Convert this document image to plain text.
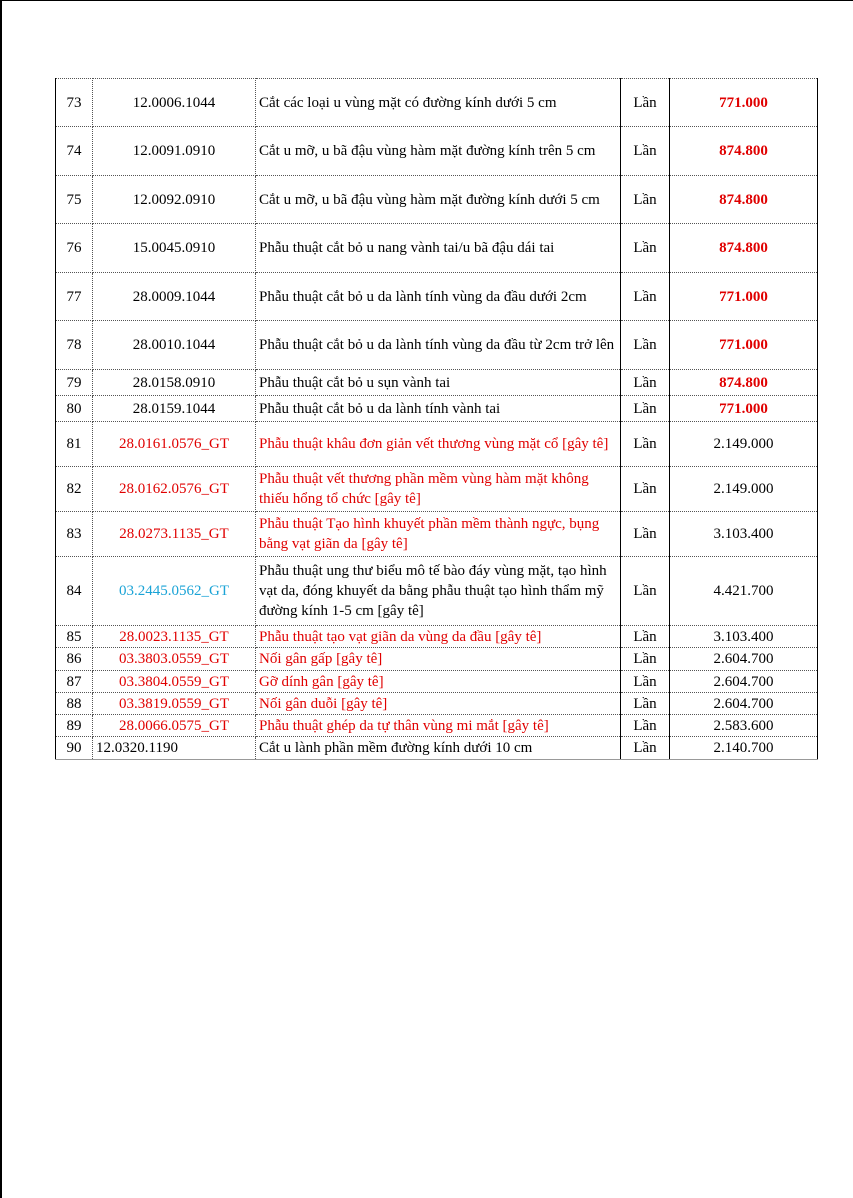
73	12.0006.1044	Cắt các loại u vùng mặt có đường kính dưới 5 cm	Lần	771.000
74	12.0091.0910	Cắt u mỡ, u bã đậu vùng hàm mặt đường kính trên 5 cm	Lần	874.800
75	12.0092.0910	Cắt u mỡ, u bã đậu vùng hàm mặt đường kính dưới 5 cm	Lần	874.800
76	15.0045.0910	Phẫu thuật cắt bỏ u nang vành tai/u bã đậu dái tai	Lần	874.800
77	28.0009.1044	Phẫu thuật cắt bỏ u da lành tính vùng da đầu dưới 2cm	Lần	771.000
78	28.0010.1044	Phẫu thuật cắt bỏ u da lành tính vùng da đầu từ 2cm trở lên	Lần	771.000
79	28.0158.0910	Phẫu thuật cắt bỏ u sụn vành tai	Lần	874.800
80	28.0159.1044	Phẫu thuật cắt bỏ u da lành tính vành tai	Lần	771.000
81	28.0161.0576_GT	Phẫu thuật khâu đơn giản vết thương vùng mặt cổ [gây tê]	Lần	2.149.000
82	28.0162.0576_GT	Phẫu thuật vết thương phần mềm vùng hàm mặt không thiếu hổng tổ chức [gây tê]	Lần	2.149.000
83	28.0273.1135_GT	Phẫu thuật Tạo hình khuyết phần mềm thành ngực, bụng bằng vạt giãn da [gây tê]	Lần	3.103.400
84	03.2445.0562_GT	Phẫu thuật ung thư biểu mô tế bào đáy vùng mặt, tạo hình vạt da, đóng khuyết da bằng phẫu thuật tạo hình thẩm mỹ đường kính 1-5 cm [gây tê]	Lần	4.421.700
85	28.0023.1135_GT	Phẫu thuật tạo vạt giãn da vùng da đầu [gây tê]	Lần	3.103.400
86	03.3803.0559_GT	Nối gân gấp [gây tê]	Lần	2.604.700
87	03.3804.0559_GT	Gỡ dính gân [gây tê]	Lần	2.604.700
88	03.3819.0559_GT	Nối gân duỗi [gây tê]	Lần	2.604.700
89	28.0066.0575_GT	Phẫu thuật ghép da tự thân vùng mi mắt [gây tê]	Lần	2.583.600
90	12.0320.1190	Cắt u lành phần mềm đường kính dưới 10 cm	Lần	2.140.700
